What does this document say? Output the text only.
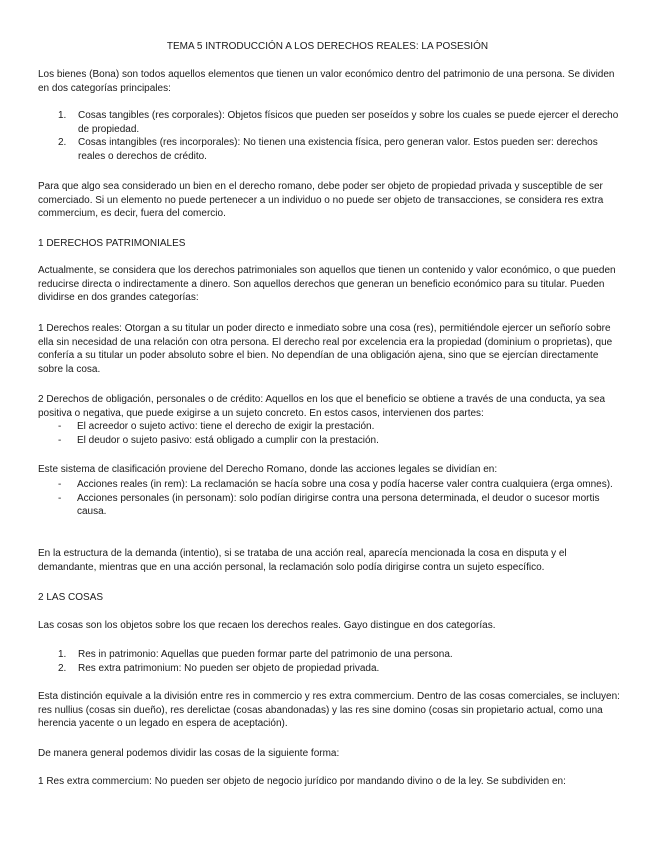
TEMA 5 INTRODUCCIÓN A LOS DERECHOS REALES: LA POSESIÓN

Los bienes (Bona) son todos aquellos elementos que tienen un valor económico dentro del patrimonio de una persona. Se dividen en dos categorías principales:

1. Cosas tangibles (res corporales): Objetos físicos que pueden ser poseídos y sobre los cuales se puede ejercer el derecho de propiedad.
2. Cosas intangibles (res incorporales): No tienen una existencia física, pero generan valor. Estos pueden ser: derechos reales o derechos de crédito.

Para que algo sea considerado un bien en el derecho romano, debe poder ser objeto de propiedad privada y susceptible de ser comerciado. Si un elemento no puede pertenecer a un individuo o no puede ser objeto de transacciones, se considera res extra commercium, es decir, fuera del comercio.

1 DERECHOS PATRIMONIALES

Actualmente, se considera que los derechos patrimoniales son aquellos que tienen un contenido y valor económico, o que pueden reducirse directa o indirectamente a dinero. Son aquellos derechos que generan un beneficio económico para su titular. Pueden dividirse en dos grandes categorías:

1 Derechos reales: Otorgan a su titular un poder directo e inmediato sobre una cosa (res), permitiéndole ejercer un señorío sobre ella sin necesidad de una relación con otra persona. El derecho real por excelencia era la propiedad (dominium o proprietas), que confería a su titular un poder absoluto sobre el bien. No dependían de una obligación ajena, sino que se ejercían directamente sobre la cosa.

2 Derechos de obligación, personales o de crédito: Aquellos en los que el beneficio se obtiene a través de una conducta, ya sea positiva o negativa, que puede exigirse a un sujeto concreto. En estos casos, intervienen dos partes:

- El acreedor o sujeto activo: tiene el derecho de exigir la prestación.
- El deudor o sujeto pasivo: está obligado a cumplir con la prestación.

Este sistema de clasificación proviene del Derecho Romano, donde las acciones legales se dividían en:

- Acciones reales (in rem): La reclamación se hacía sobre una cosa y podía hacerse valer contra cualquiera (erga omnes).
- Acciones personales (in personam): solo podían dirigirse contra una persona determinada, el deudor o sucesor mortis causa.

En la estructura de la demanda (intentio), si se trataba de una acción real, aparecía mencionada la cosa en disputa y el demandante, mientras que en una acción personal, la reclamación solo podía dirigirse contra un sujeto específico.

2 LAS COSAS

Las cosas son los objetos sobre los que recaen los derechos reales. Gayo distingue en dos categorías.

1. Res in patrimonio: Aquellas que pueden formar parte del patrimonio de una persona.
2. Res extra patrimonium: No pueden ser objeto de propiedad privada.

Esta distinción equivale a la división entre res in commercio y res extra commercium. Dentro de las cosas comerciales, se incluyen: res nullius (cosas sin dueño), res derelictae (cosas abandonadas) y las res sine domino (cosas sin propietario actual, como una herencia yacente o un legado en espera de aceptación).

De manera general podemos dividir las cosas de la siguiente forma:

1 Res extra commercium: No pueden ser objeto de negocio jurídico por mandando divino o de la ley. Se subdividen en:
